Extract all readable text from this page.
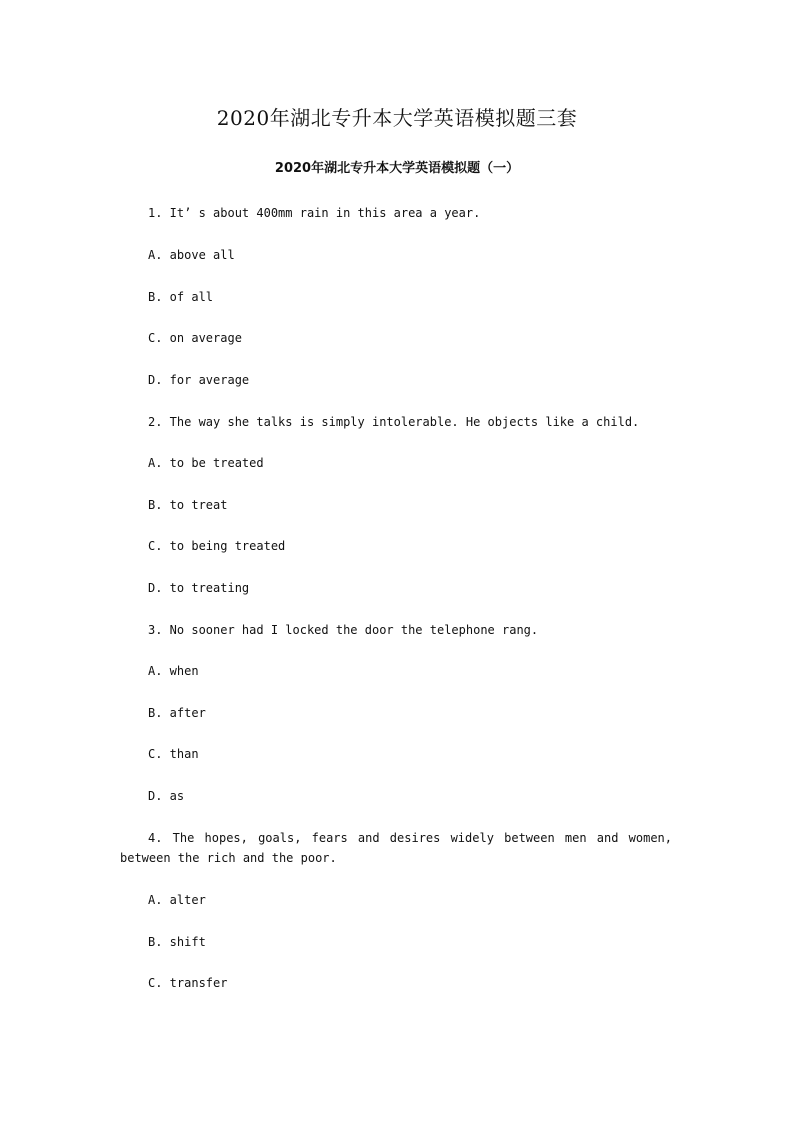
2020年湖北专升本大学英语模拟题三套
2020年湖北专升本大学英语模拟题（一）

1. It’ s about 400mm rain in this area a year.

A. above all

B. of all

C. on average

D. for average

2. The way she talks is simply intolerable. He objects like a child.

A. to be treated

B. to treat

C. to being treated

D. to treating

3. No sooner had I locked the door the telephone rang.

A. when

B. after

C. than

D. as

4. The hopes, goals, fears and desires widely between men and women,

between the rich and the poor.

A. alter

B. shift

C. transfer
